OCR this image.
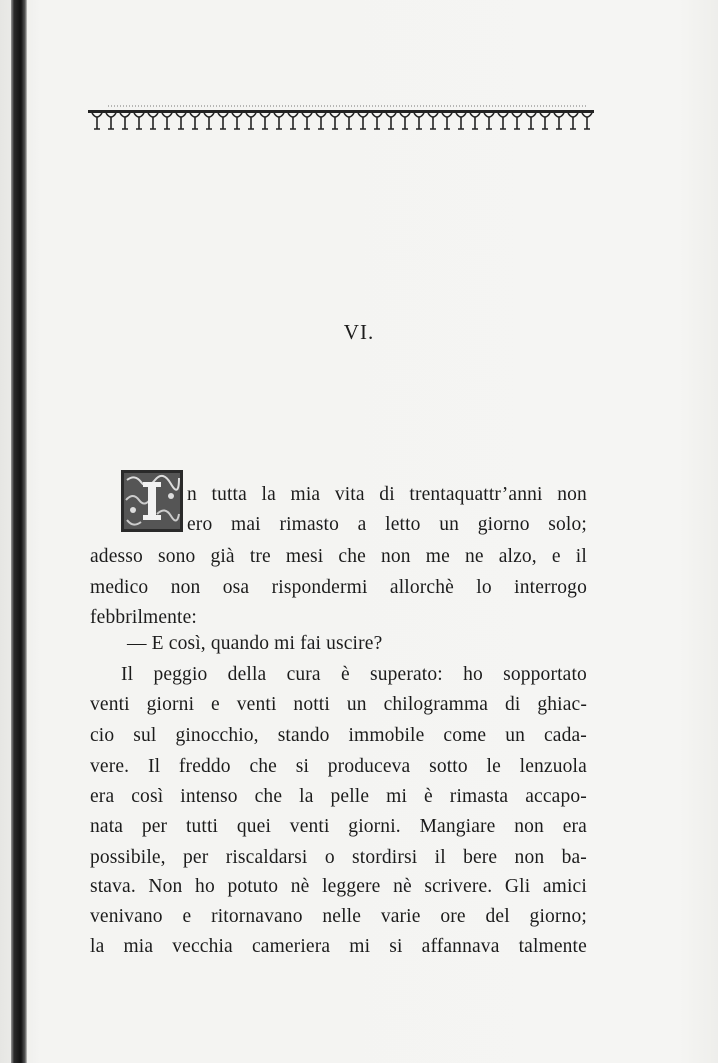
VI.
n tutta la mia vita di trentaquattr’anni non
ero mai rimasto a letto un giorno solo;
adesso sono già tre mesi che non me ne alzo, e il
medico non osa rispondermi allorchè lo interrogo
febbrilmente:
— E così, quando mi fai uscire?
Il peggio della cura è superato: ho sopportato
venti giorni e venti notti un chilogramma di ghiac-
cio sul ginocchio, stando immobile come un cada-
vere. Il freddo che si produceva sotto le lenzuola
era così intenso che la pelle mi è rimasta accapo-
nata per tutti quei venti giorni. Mangiare non era
possibile, per riscaldarsi o stordirsi il bere non ba-
stava. Non ho potuto nè leggere nè scrivere. Gli amici
venivano e ritornavano nelle varie ore del giorno;
la mia vecchia cameriera mi si affannava talmente
